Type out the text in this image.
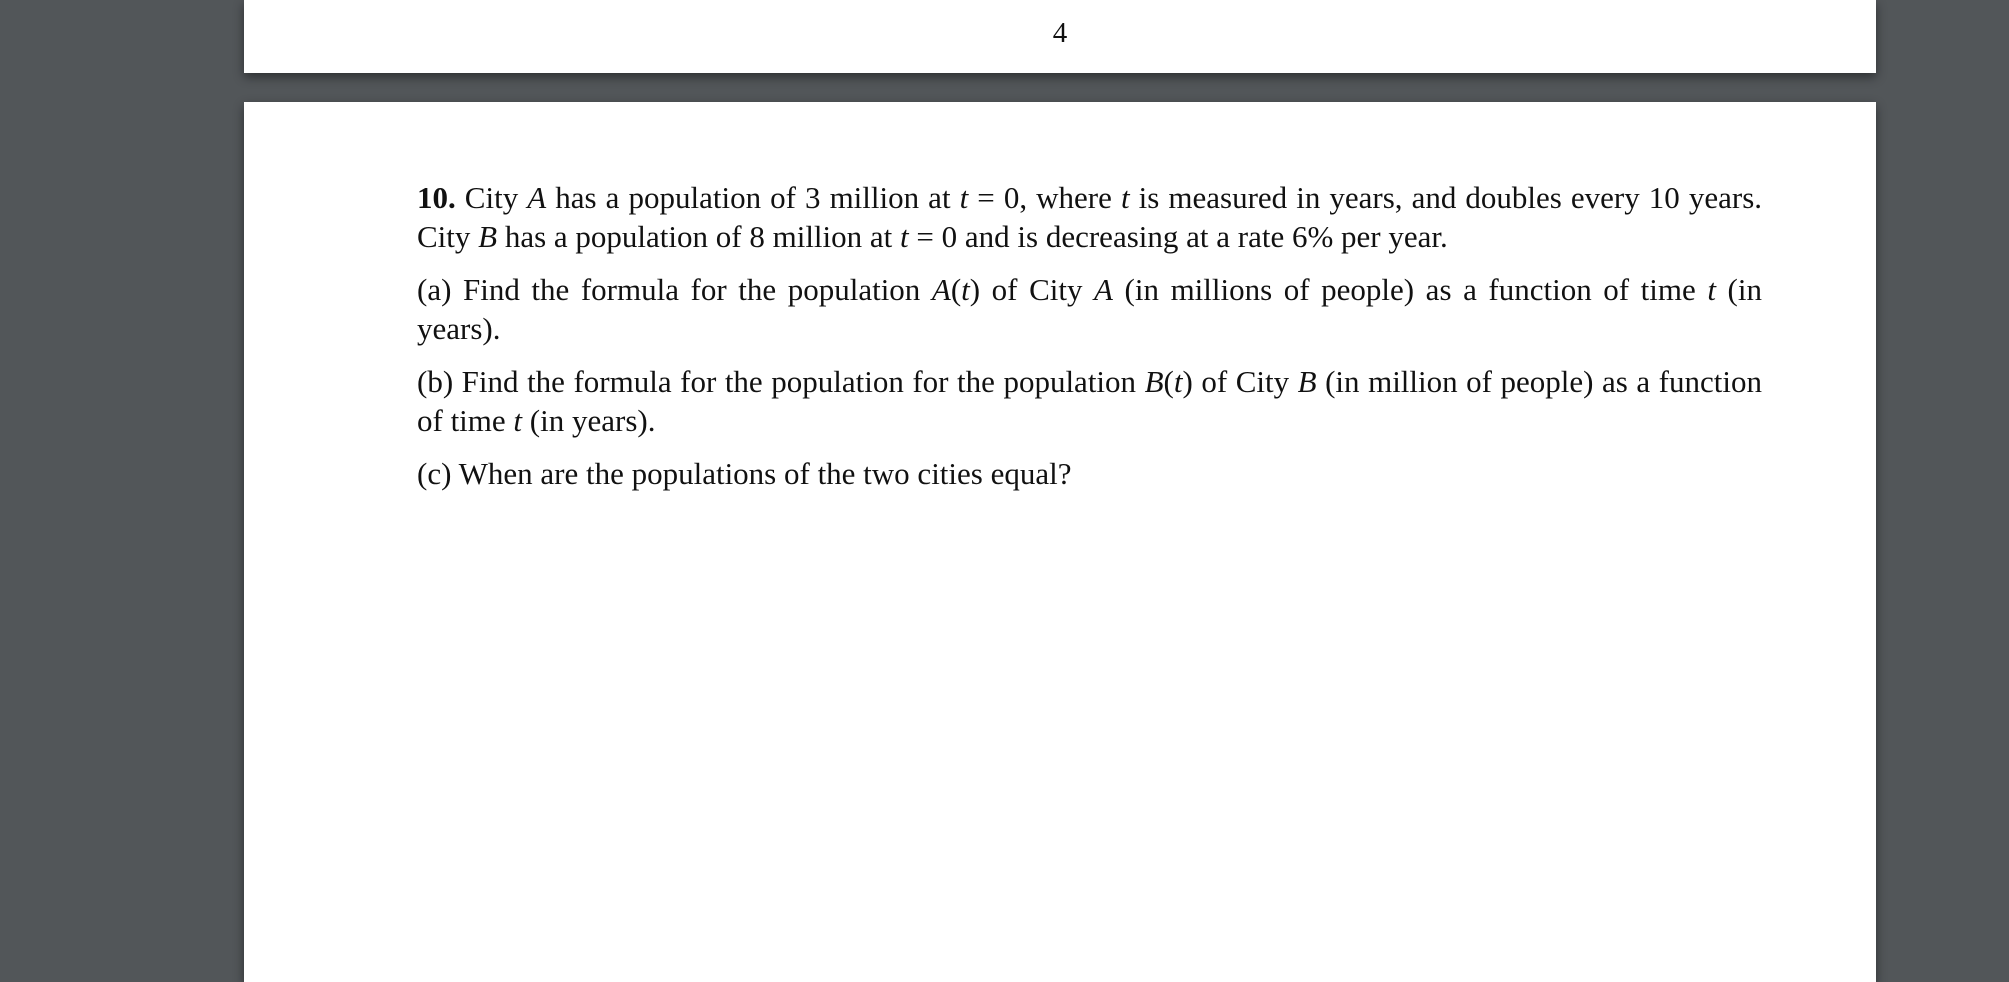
4

10. City A has a population of 3 million at t = 0, where t is measured in years, and doubles every 10 years. City B has a population of 8 million at t = 0 and is decreasing at a rate 6% per year.

(a) Find the formula for the population A(t) of City A (in millions of people) as a function of time t (in years).

(b) Find the formula for the population for the population B(t) of City B (in million of people) as a function of time t (in years).

(c) When are the populations of the two cities equal?
